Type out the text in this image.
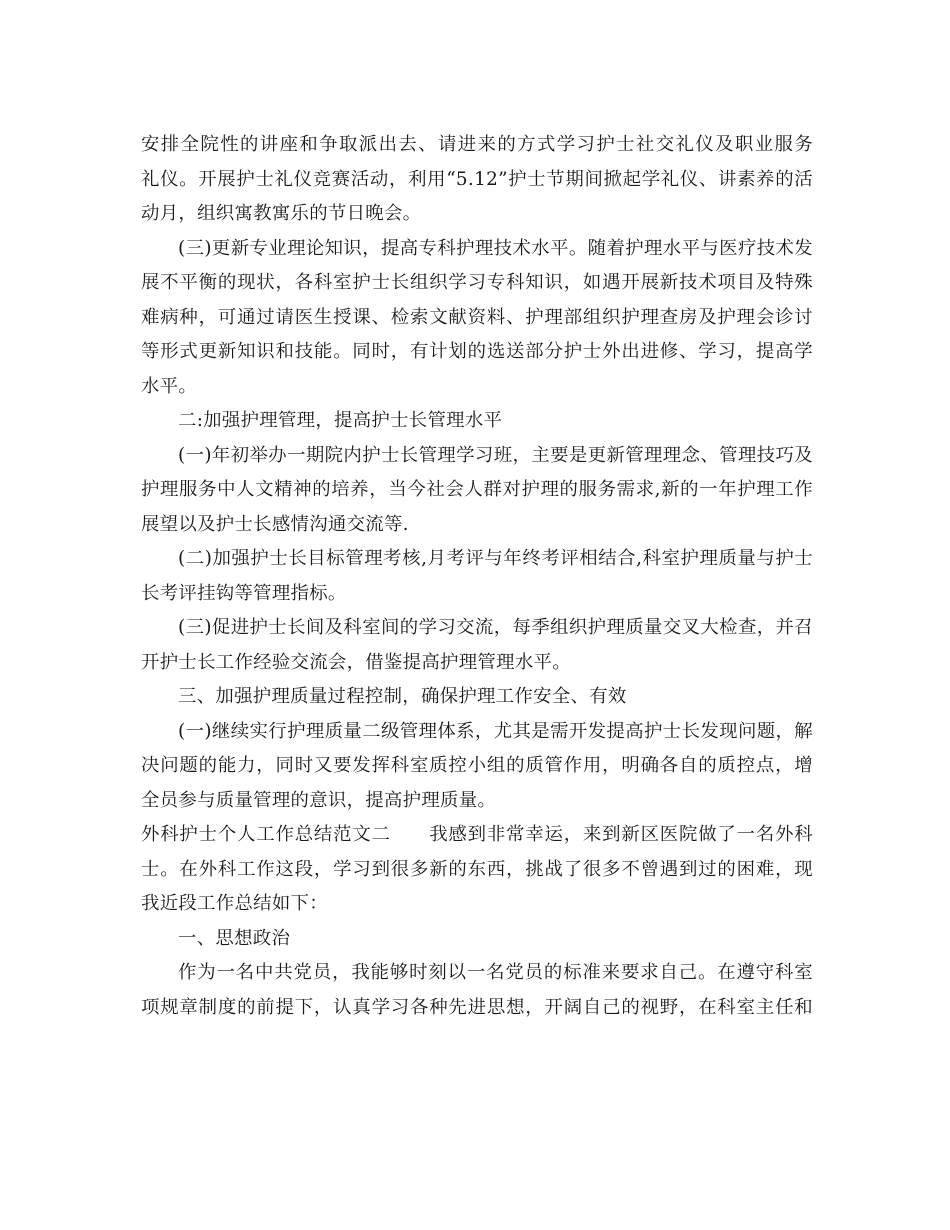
安排全院性的讲座和争取派出去、请进来的方式学习护士社交礼仪及职业服务
礼仪。开展护士礼仪竞赛活动，利用“5.12”护士节期间掀起学礼仪、讲素养的活
动月，组织寓教寓乐的节日晚会。
(三)更新专业理论知识，提高专科护理技术水平。随着护理水平与医疗技术发
展不平衡的现状，各科室护士长组织学习专科知识，如遇开展新技术项目及特殊
难病种，可通过请医生授课、检索文献资料、护理部组织护理查房及护理会诊讨
等形式更新知识和技能。同时，有计划的选送部分护士外出进修、学习，提高学
水平。
二:加强护理管理，提高护士长管理水平
(一)年初举办一期院内护士长管理学习班，主要是更新管理理念、管理技巧及
护理服务中人文精神的培养，当今社会人群对护理的服务需求,新的一年护理工作
展望以及护士长感情沟通交流等.
(二)加强护士长目标管理考核,月考评与年终考评相结合,科室护理质量与护士
长考评挂钩等管理指标。
(三)促进护士长间及科室间的学习交流，每季组织护理质量交叉大检查，并召
开护士长工作经验交流会，借鉴提高护理管理水平。
三、加强护理质量过程控制，确保护理工作安全、有效
(一)继续实行护理质量二级管理体系，尤其是需开发提高护士长发现问题，解
决问题的能力，同时又要发挥科室质控小组的质管作用，明确各自的质控点，增
全员参与质量管理的意识，提高护理质量。
外科护士个人工作总结范文二　　我感到非常幸运，来到新区医院做了一名外科
士。在外科工作这段，学习到很多新的东西，挑战了很多不曾遇到过的困难，现
我近段工作总结如下：
一、思想政治
作为一名中共党员，我能够时刻以一名党员的标准来要求自己。在遵守科室
项规章制度的前提下，认真学习各种先进思想，开阔自己的视野，在科室主任和
